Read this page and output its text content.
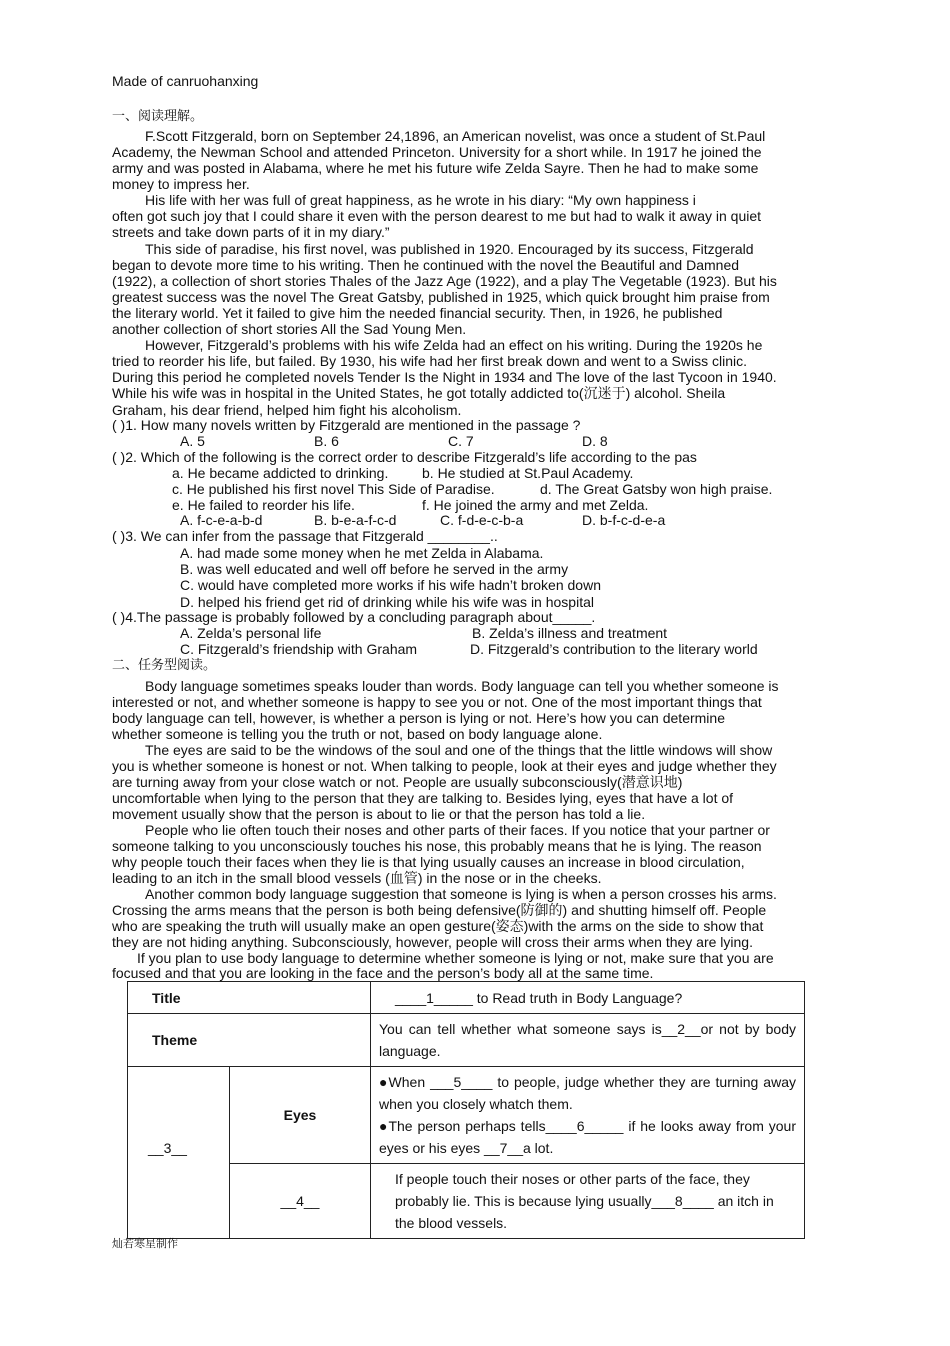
Made of canruohanxing
一、阅读理解。
F.Scott Fitzgerald, born on September 24,1896, an American novelist, was once a student of St.Paul
Academy, the Newman School and attended Princeton. University for a short while. In 1917 he joined the
army and was posted in Alabama, where he met his future wife Zelda Sayre. Then he had to make some
money to impress her.
His life with her was full of great happiness, as he wrote in his diary: “My own happiness i
often got such joy that I could share it even with the person dearest to me but had to walk it away in quiet
streets and take down parts of it in my diary.”
This side of paradise, his first novel, was published in 1920. Encouraged by its success, Fitzgerald
began to devote more time to his writing. Then he continued with the novel the Beautiful and Damned
(1922), a collection of short stories Thales of the Jazz Age (1922), and a play The Vegetable (1923). But his
greatest success was the novel The Great Gatsby, published in 1925, which quick brought him praise from
the literary world. Yet it failed to give him the needed financial security. Then, in 1926, he published
another collection of short stories All the Sad Young Men.
However, Fitzgerald’s problems with his wife Zelda had an effect on his writing. During the 1920s he
tried to reorder his life, but failed. By 1930, his wife had her first break down and went to a Swiss clinic.
During this period he completed novels Tender Is the Night in 1934 and The love of the last Tycoon in 1940.
While his wife was in hospital in the United States, he got totally addicted to(沉迷于) alcohol. Sheila
Graham, his dear friend, helped him fight his alcoholism.
( )1. How many novels written by Fitzgerald are mentioned in the passage ?
A. 5	B. 6	C. 7	D. 8
( )2. Which of the following is the correct order to describe Fitzgerald’s life according to the pas
a. He became addicted to drinking. b. He studied at St.Paul Academy.
c. He published his first novel This Side of Paradise.	d. The Great Gatsby won high praise.
e. He failed to reorder his life.	f. He joined the army and met Zelda.
A. f-c-e-a-b-d	B. b-e-a-f-c-d	C. f-d-e-c-b-a	D. b-f-c-d-e-a
( )3. We can infer from the passage that Fitzgerald ________..
A. had made some money when he met Zelda in Alabama.
B. was well educated and well off before he served in the army
C. would have completed more works if his wife hadn’t broken down
D. helped his friend get rid of drinking while his wife was in hospital
( )4.The passage is probably followed by a concluding paragraph about_____.
A. Zelda’s personal life	B. Zelda’s illness and treatment
C. Fitzgerald’s friendship with Graham	D. Fitzgerald’s contribution to the literary world
二、任务型阅读。
Body language sometimes speaks louder than words. Body language can tell you whether someone is
interested or not, and whether someone is happy to see you or not. One of the most important things that
body language can tell, however, is whether a person is lying or not. Here’s how you can determine
whether someone is telling you the truth or not, based on body language alone.
The eyes are said to be the windows of the soul and one of the things that the little windows will show
you is whether someone is honest or not. When talking to people, look at their eyes and judge whether they
are turning away from your close watch or not. People are usually subconsciously(潜意识地)
uncomfortable when lying to the person that they are talking to. Besides lying, eyes that have a lot of
movement usually show that the person is about to lie or that the person has told a lie.
People who lie often touch their noses and other parts of their faces. If you notice that your partner or
someone talking to you unconsciously touches his nose, this probably means that he is lying. The reason
why people touch their faces when they lie is that lying usually causes an increase in blood circulation,
leading to an itch in the small blood vessels (血管) in the nose or in the cheeks.
Another common body language suggestion that someone is lying is when a person crosses his arms.
Crossing the arms means that the person is both being defensive(防御的) and shutting himself off. People
who are speaking the truth will usually make an open gesture(姿态)with the arms on the side to show that
they are not hiding anything. Subconsciously, however, people will cross their arms when they are lying.
If you plan to use body language to determine whether someone is lying or not, make sure that you are
focused and that you are looking in the face and the person’s body all at the same time.
Title		____1_____ to Read truth in Body Language?
Theme		You can tell whether what someone says is__2__or not by body language.
__3__	Eyes	●When ___5____ to people, judge whether they are turning away when you closely whatch them.
●The person perhaps tells____6_____ if he looks away from your eyes or his eyes __7__a lot.

	__4__	If people touch their noses or other parts of the face, they probably lie. This is because lying usually___8____ an itch in the blood vessels.
灿若寒星制作
